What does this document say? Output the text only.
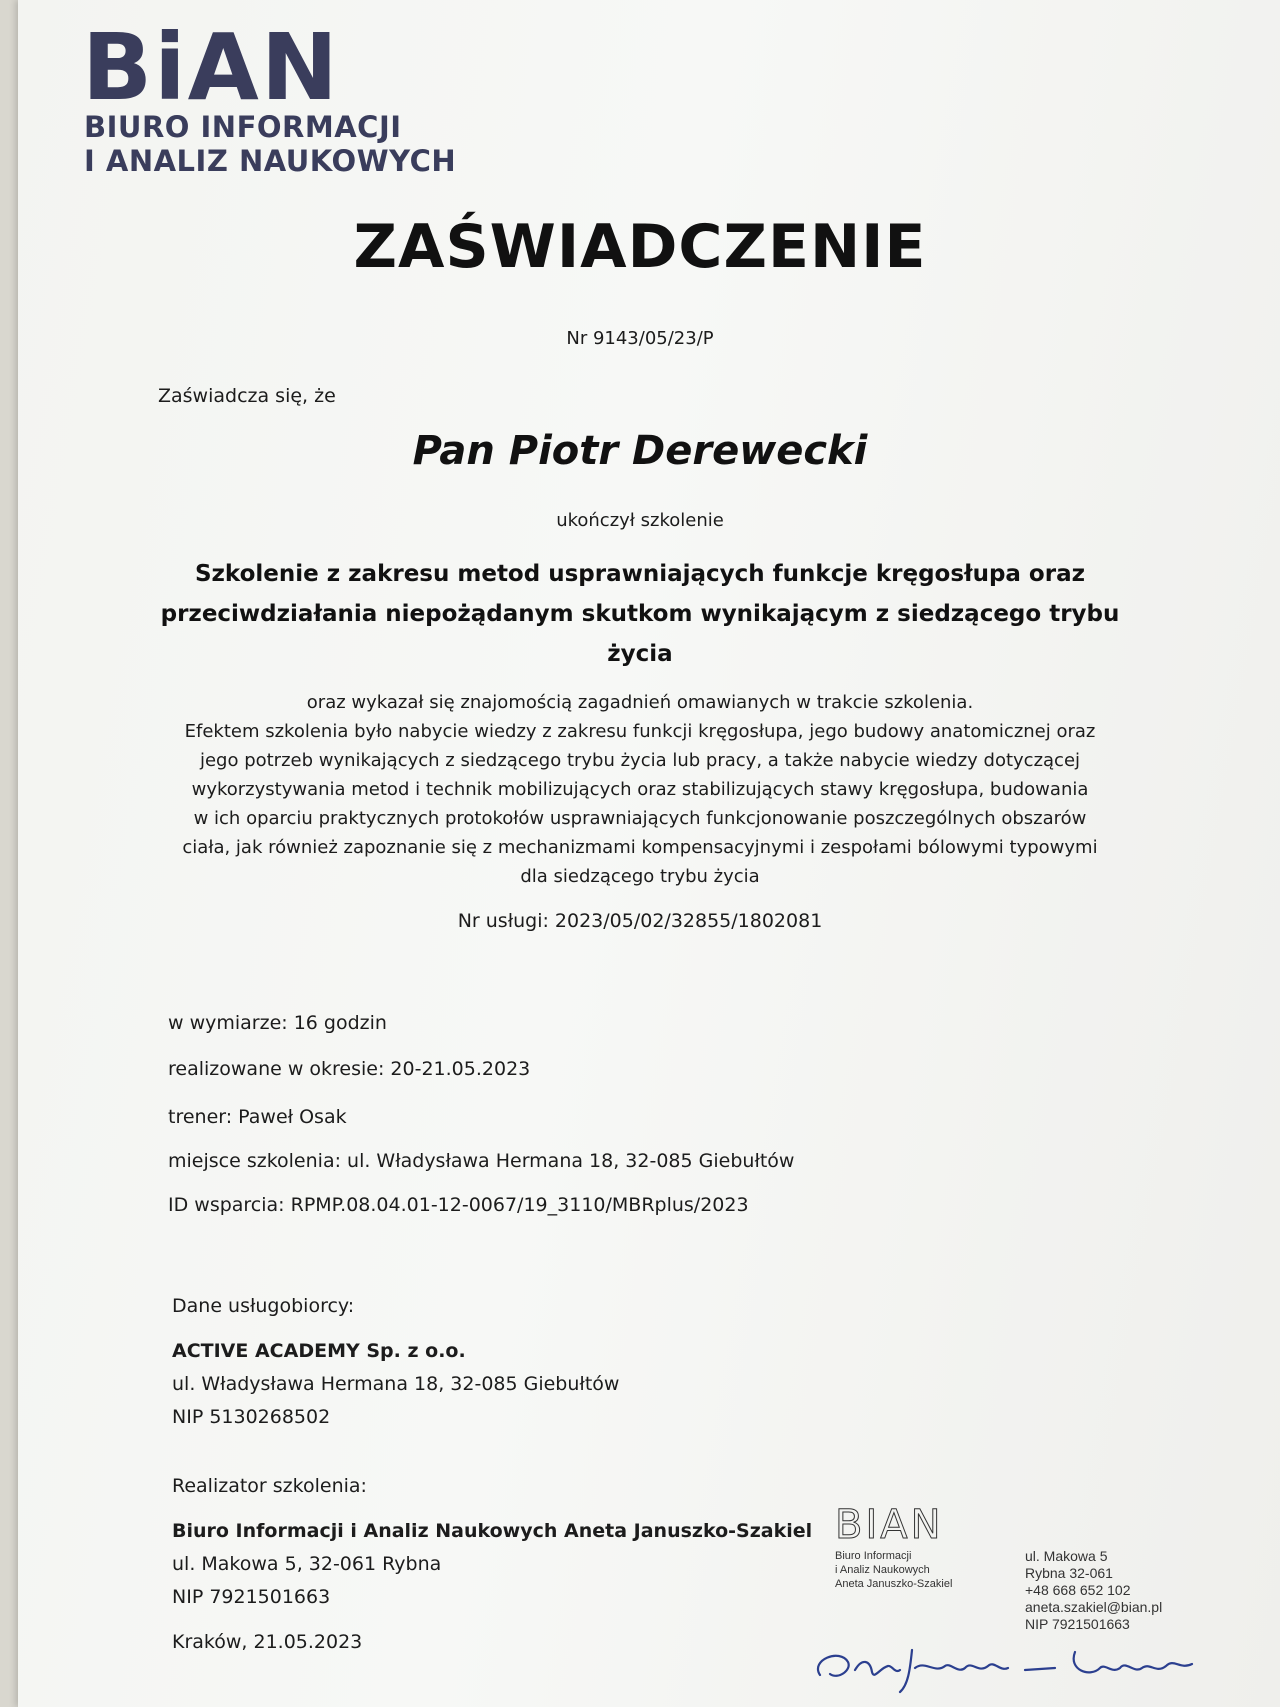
BiAN
BIURO INFORMACJI
I ANALIZ NAUKOWYCH
ZAŚWIADCZENIE
Nr 9143/05/23/P
Zaświadcza się, że
Pan Piotr Derewecki
ukończył szkolenie
Szkolenie z zakresu metod usprawniających funkcje kręgosłupa oraz
przeciwdziałania niepożądanym skutkom wynikającym z siedzącego trybu
życia
oraz wykazał się znajomością zagadnień omawianych w trakcie szkolenia.
Efektem szkolenia było nabycie wiedzy z zakresu funkcji kręgosłupa, jego budowy anatomicznej oraz
jego potrzeb wynikających z siedzącego trybu życia lub pracy, a także nabycie wiedzy dotyczącej
wykorzystywania metod i technik mobilizujących oraz stabilizujących stawy kręgosłupa, budowania
w ich oparciu praktycznych protokołów usprawniających funkcjonowanie poszczególnych obszarów
ciała, jak również zapoznanie się z mechanizmami kompensacyjnymi i zespołami bólowymi typowymi
dla siedzącego trybu życia
Nr usługi: 2023/05/02/32855/1802081
w wymiarze: 16 godzin
realizowane w okresie: 20-21.05.2023
trener: Paweł Osak
miejsce szkolenia: ul. Władysława Hermana 18, 32-085 Giebułtów
ID wsparcia: RPMP.08.04.01-12-0067/19_3110/MBRplus/2023
Dane usługobiorcy:
ACTIVE ACADEMY Sp. z o.o.
ul. Władysława Hermana 18, 32-085 Giebułtów
NIP 5130268502
Realizator szkolenia:
Biuro Informacji i Analiz Naukowych Aneta Januszko-Szakiel
ul. Makowa 5, 32-061 Rybna
NIP 7921501663
Kraków, 21.05.2023
BIAN
Biuro Informacji
i Analiz Naukowych
Aneta Januszko-Szakiel
ul. Makowa 5
Rybna 32-061
+48 668 652 102
aneta.szakiel@bian.pl
NIP 7921501663
